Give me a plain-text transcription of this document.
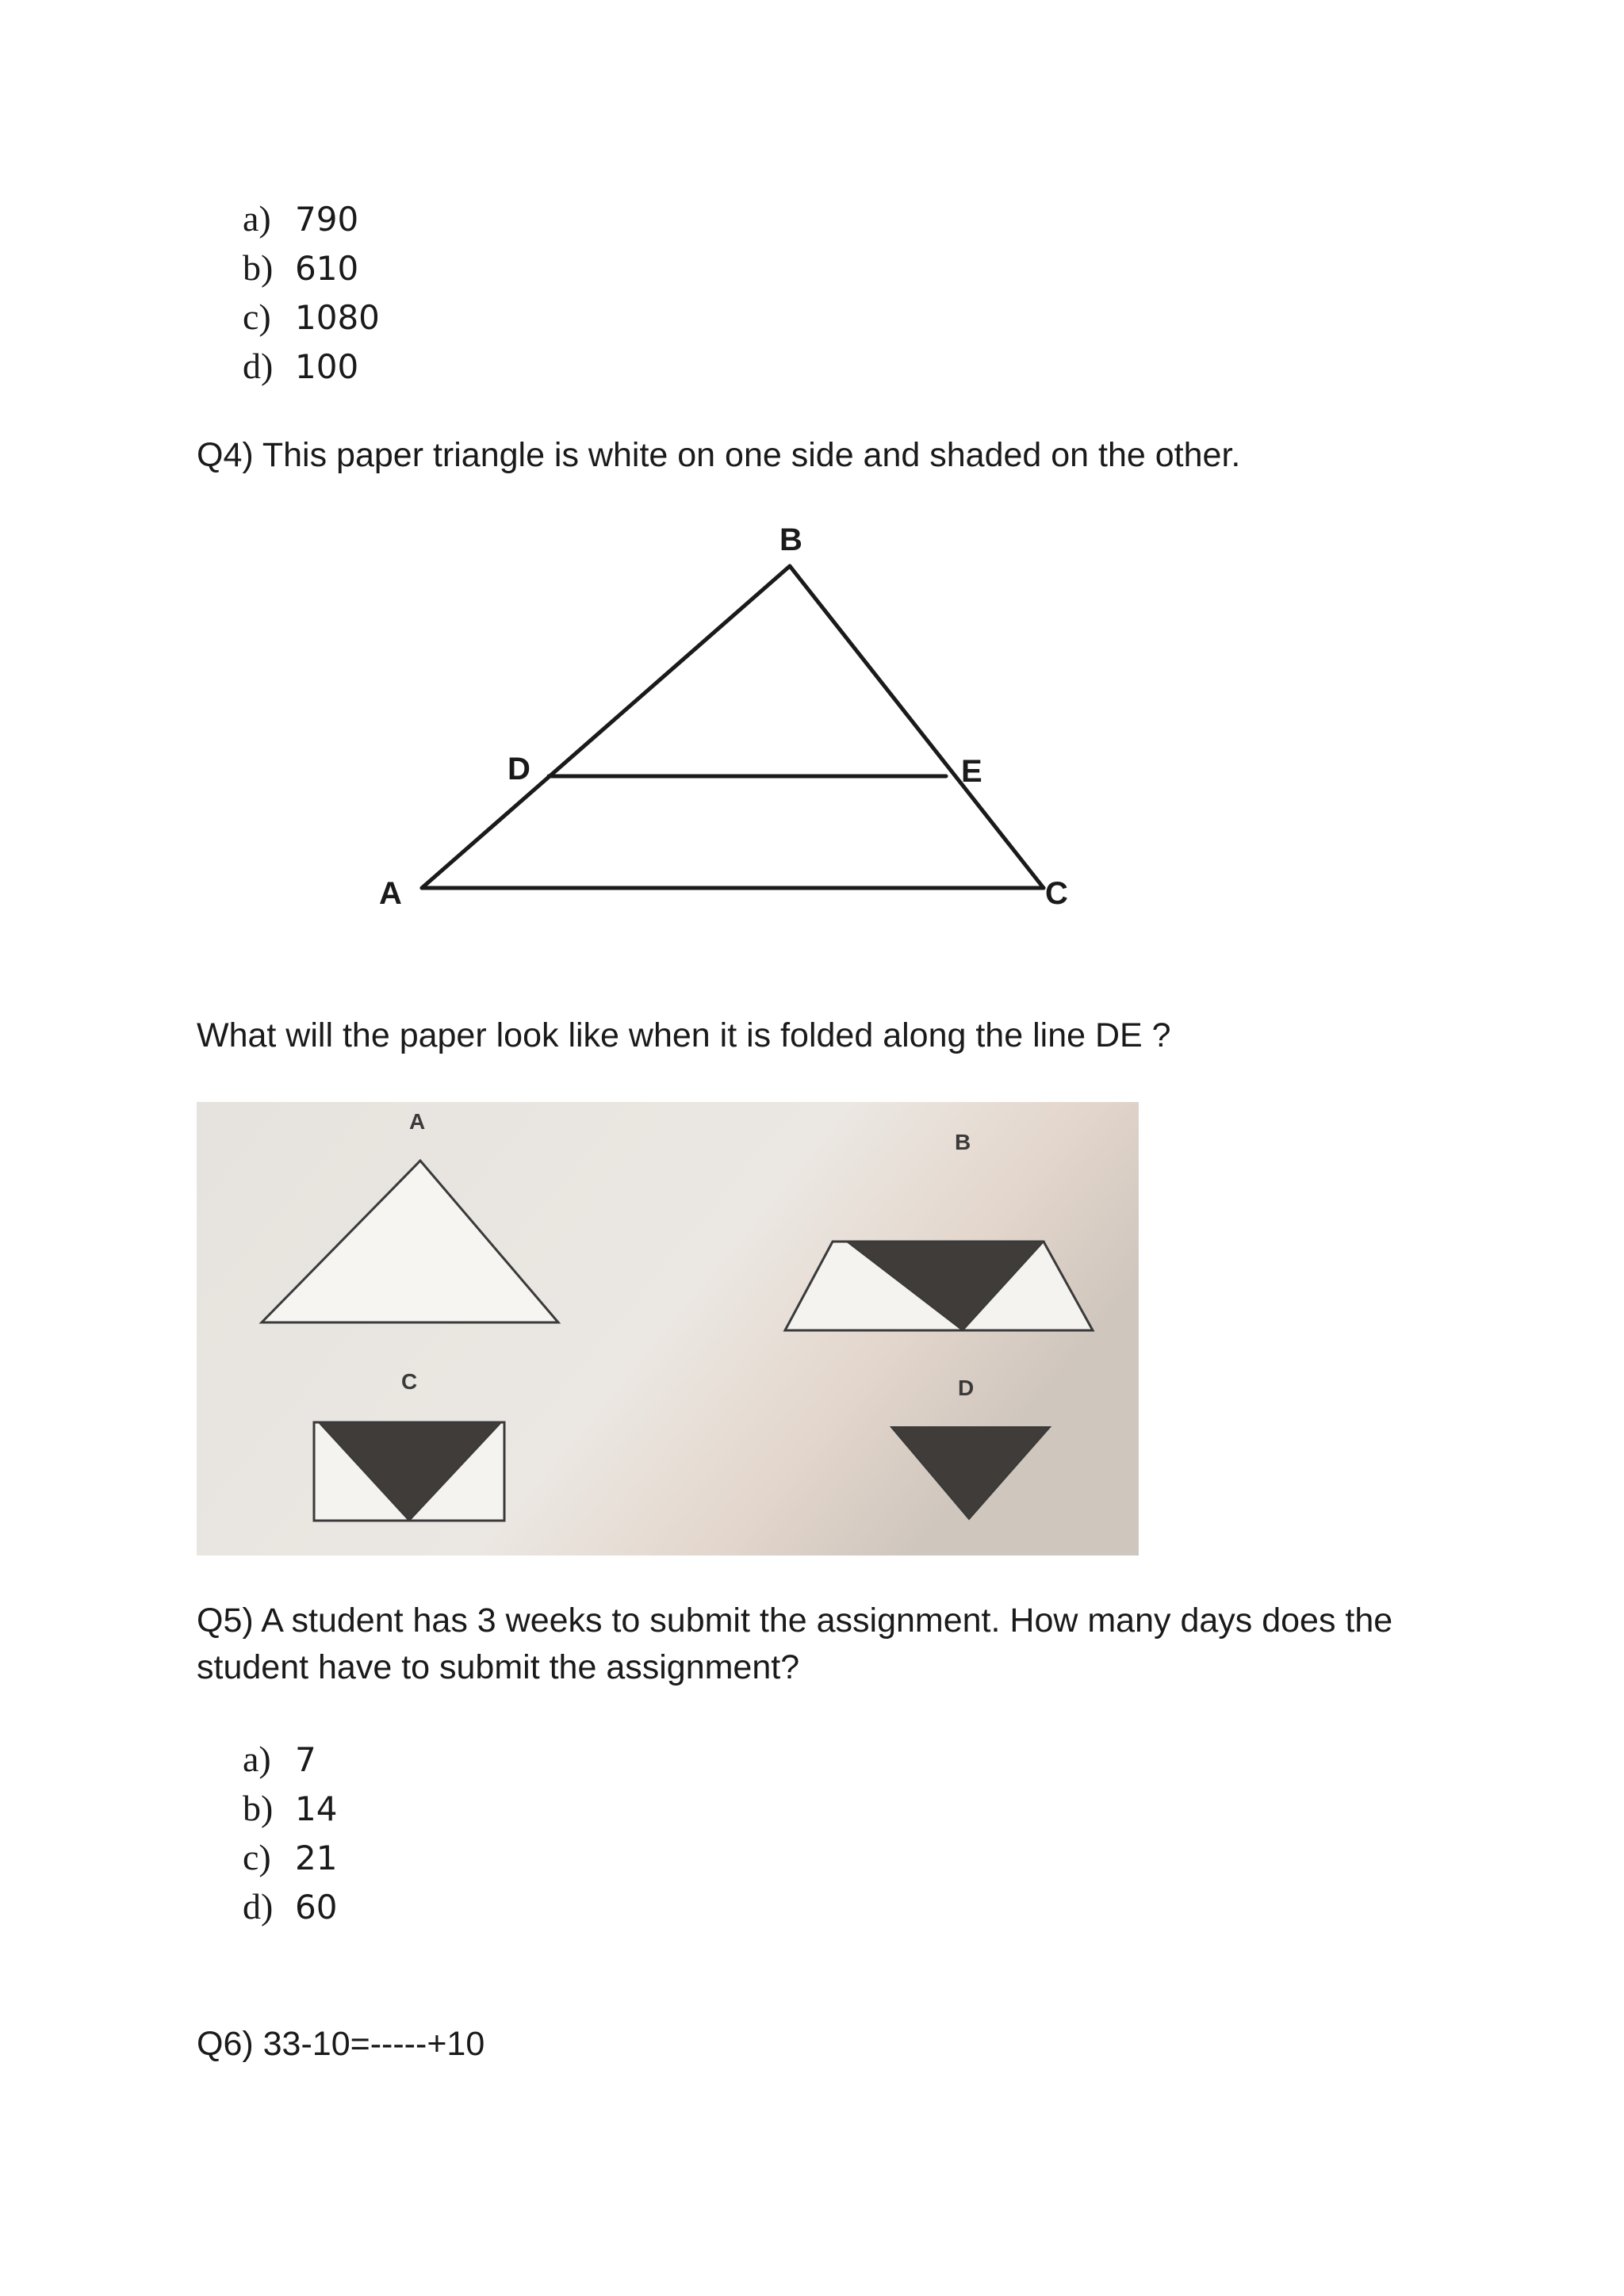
a) 790
b) 610
c) 1080
d) 100

Q4) This paper triangle is white on one side and shaded on the other.

B
D	E
A	C

What will the paper look like when it is folded along the line DE ?

A
B
C	D

Q5) A student has 3 weeks to submit the assignment. How many days does the

student have to submit the assignment?

a) 7
b) 14
c) 21
d) 60

Q6) 33-10=-----+10
